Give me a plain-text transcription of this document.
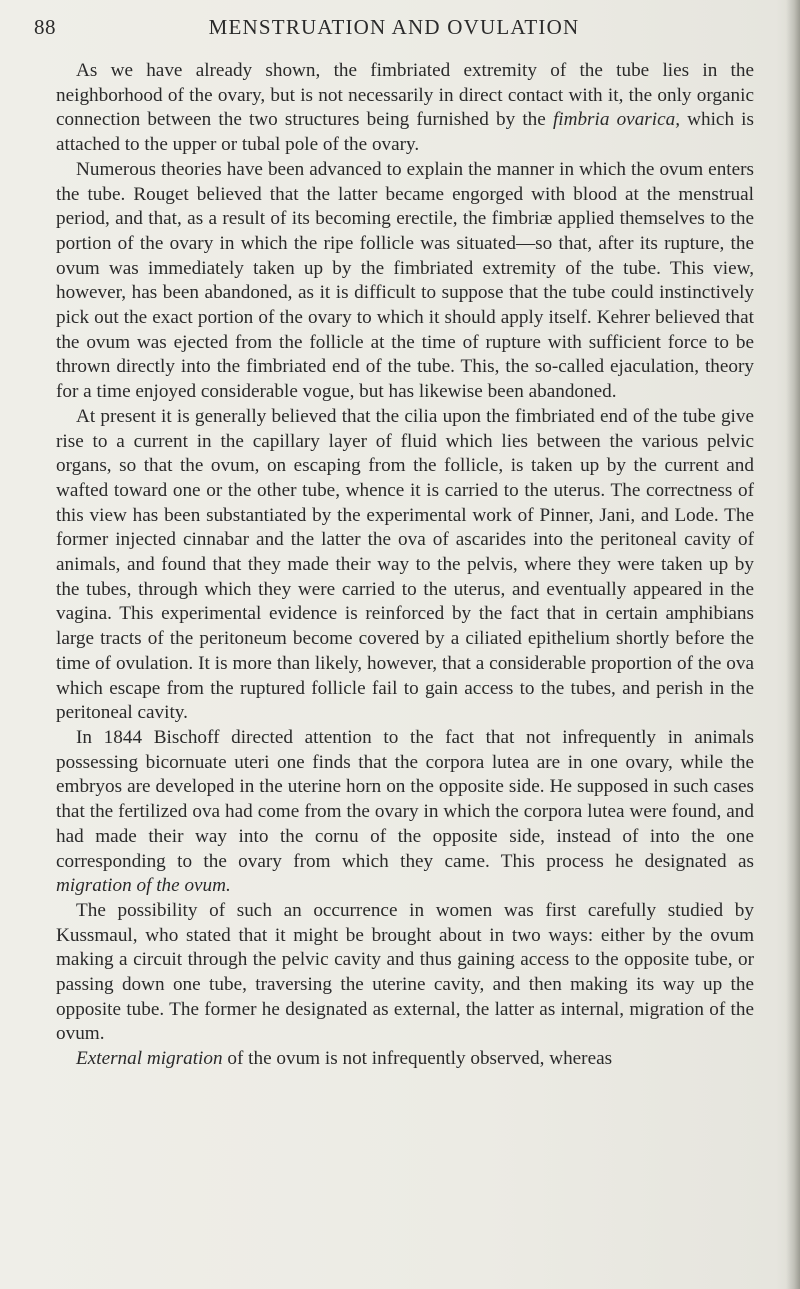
88	MENSTRUATION AND OVULATION

As we have already shown, the fimbriated extremity of the tube lies in the neighborhood of the ovary, but is not necessarily in direct contact with it, the only organic connection between the two structures being furnished by the fimbria ovarica, which is attached to the upper or tubal pole of the ovary.

Numerous theories have been advanced to explain the manner in which the ovum enters the tube. Rouget believed that the latter became engorged with blood at the menstrual period, and that, as a result of its becoming erectile, the fimbriæ applied themselves to the portion of the ovary in which the ripe follicle was situated—so that, after its rupture, the ovum was immediately taken up by the fimbriated extremity of the tube. This view, however, has been abandoned, as it is difficult to suppose that the tube could instinctively pick out the exact portion of the ovary to which it should apply itself. Kehrer believed that the ovum was ejected from the follicle at the time of rupture with sufficient force to be thrown directly into the fimbriated end of the tube. This, the so-called ejaculation, theory for a time enjoyed considerable vogue, but has likewise been abandoned.

At present it is generally believed that the cilia upon the fimbriated end of the tube give rise to a current in the capillary layer of fluid which lies between the various pelvic organs, so that the ovum, on escaping from the follicle, is taken up by the current and wafted toward one or the other tube, whence it is carried to the uterus. The correctness of this view has been substantiated by the experimental work of Pinner, Jani, and Lode. The former injected cinnabar and the latter the ova of ascarides into the peritoneal cavity of animals, and found that they made their way to the pelvis, where they were taken up by the tubes, through which they were carried to the uterus, and eventually appeared in the vagina. This experimental evidence is reinforced by the fact that in certain amphibians large tracts of the peritoneum become covered by a ciliated epithelium shortly before the time of ovulation. It is more than likely, however, that a considerable proportion of the ova which escape from the ruptured follicle fail to gain access to the tubes, and perish in the peritoneal cavity.

In 1844 Bischoff directed attention to the fact that not infrequently in animals possessing bicornuate uteri one finds that the corpora lutea are in one ovary, while the embryos are developed in the uterine horn on the opposite side. He supposed in such cases that the fertilized ova had come from the ovary in which the corpora lutea were found, and had made their way into the cornu of the opposite side, instead of into the one corresponding to the ovary from which they came. This process he designated as migration of the ovum.

The possibility of such an occurrence in women was first carefully studied by Kussmaul, who stated that it might be brought about in two ways: either by the ovum making a circuit through the pelvic cavity and thus gaining access to the opposite tube, or passing down one tube, traversing the uterine cavity, and then making its way up the opposite tube. The former he designated as external, the latter as internal, migration of the ovum.

External migration of the ovum is not infrequently observed, whereas
